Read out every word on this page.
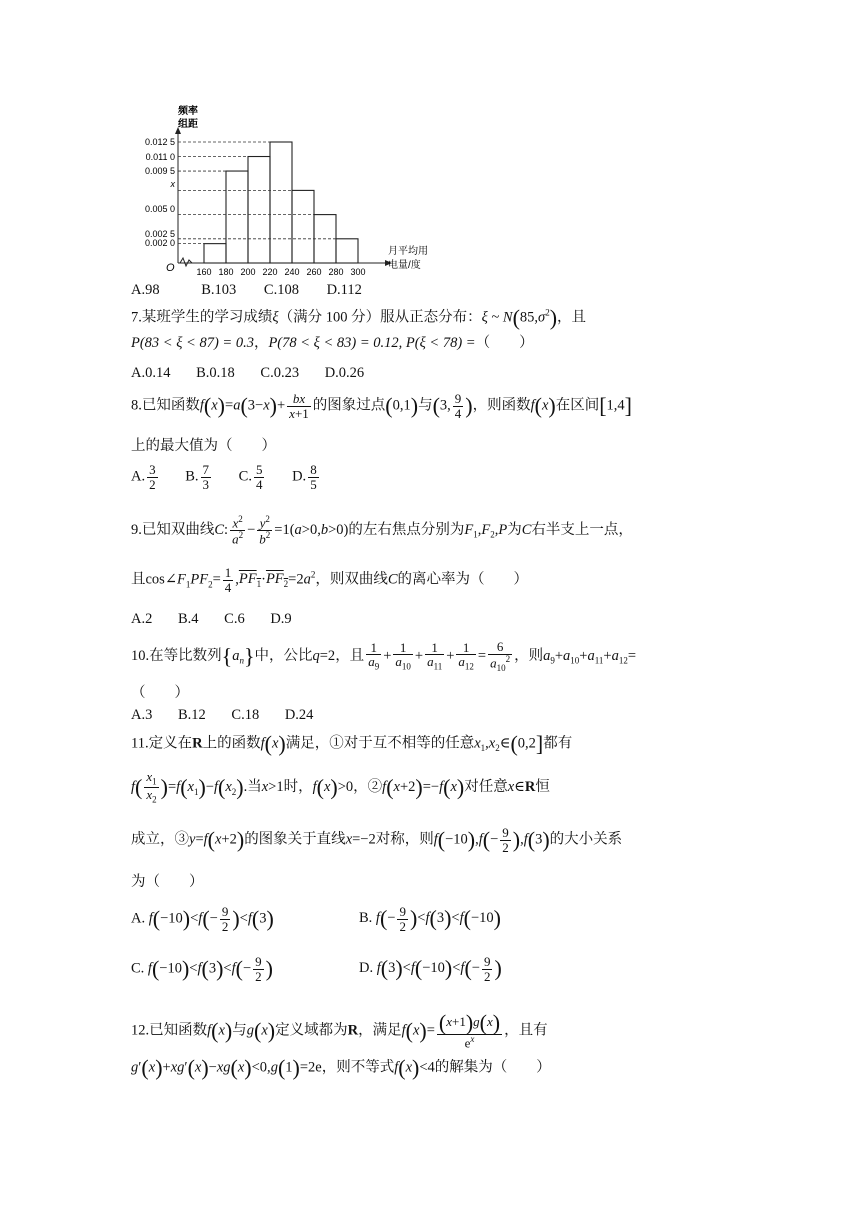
0.012 5
0.011 0
0.009 5
x
0.005 0
0.002 5
0.002 0
160 180 200 220 240 260 280 300
频率
组距
月平均用
电量/度
O
A.98	B.103 C.108 D.112
7.某班学生的学习成绩ξ（满分 100 分）服从正态分布：ξ ~ $N(85,\sigma^2)$，且
P(83 < ξ < 87) = 0.3，P(78 < ξ < 83) = 0.12, P(ξ < 78) =（　　）
A.0.14 B.0.18 C.0.23 D.0.26
8.已知函数$f(x)=a(3-x)+ \frac{bx}{x+1}$ 的图象过点(0,1)与(3, $\frac{9}{4}$ )，则函数f(x)在区间[1,4]
上的最大值为（　　）
A. $\frac{3}{2} B$. $\frac{7}{3} C$. $\frac{5}{4} D$. $\frac{8}{5}$
9.已知双曲线C: $\frac{x^2}{a^2} - \frac{y^2}{b^2} =1(a>0,b>0)$的左右焦点分别为$F_1,F_2,P$为C右半支上一点，
且$\cos\angle F_1PF_2= \frac{1}{4} ,PF_1\cdot PF_2=2a^2$，则双曲线C的离心率为（　　）
A.2 B.4 C.6 D.9
10.在等比数列$\{a_n\}$中，公比q=2，且 $\frac{1}{a_9} + \frac{1}{a_{10}} + \frac{1}{a_{11}} + \frac{1}{a_{12}} = \frac{6}{a_{10}^2}$ ，则$a_9+a_{10}+a_{11}+a_{12}=$
（　　）
A.3 B.12 C.18 D.24
11.定义在R上的函数f(x)满足，①对于互不相等的任意$x_1,x_2\in(0,2]$都有
$f( \frac{x_1}{x_2} )=f(x_1)-f(x_2)$.当x>1时，f(x)>0，②f(x+2)=−f(x)对任意x∈R恒
成立，③y=f(x+2)的图象关于直线x=−2对称，则$f(-10),f(- \frac{9}{2} ),f(3)$的大小关系
为（　　）
A. $f(-10)<f(- \frac{9}{2} )<f(3)$	B. $f(- \frac{9}{2} )<f(3)<f(-10)$
C. $f(-10)<f(3)<f(- \frac{9}{2}$ )	D. $f(3)<f(-10)<f(- \frac{9}{2}$ )
12.已知函数f(x)与g(x)定义域都为R，满足$f(x)= \frac{(x+1)g(x)}{e^x}$ ，且有
g′(x)+xg′(x)−xg(x)<0,g(1)=2e，则不等式f(x)<4的解集为（　　）
